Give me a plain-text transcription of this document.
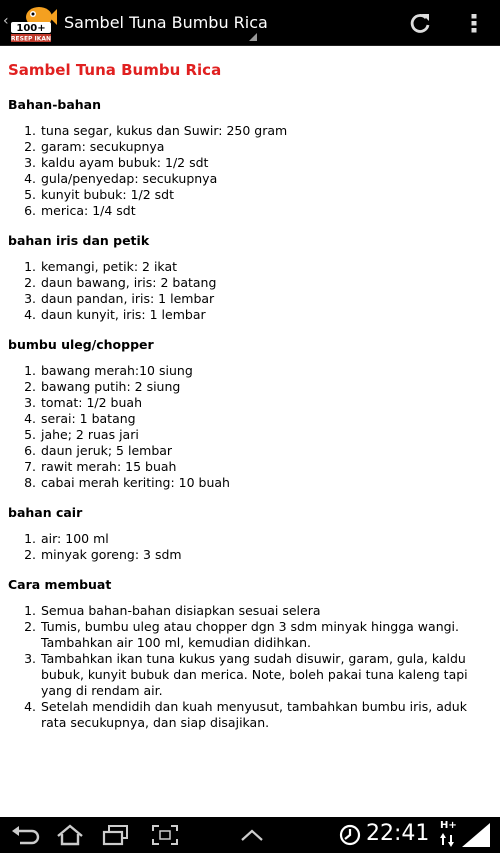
‹ 100+
RESEP IKAN
Sambel Tuna Bumbu Rica
Sambel Tuna Bumbu Rica
Bahan-bahan
1. tuna segar, kukus dan Suwir: 250 gram
2. garam: secukupnya
3. kaldu ayam bubuk: 1/2 sdt
4. gula/penyedap: secukupnya
5. kunyit bubuk: 1/2 sdt
6. merica: 1/4 sdt
bahan iris dan petik
1. kemangi, petik: 2 ikat
2. daun bawang, iris: 2 batang
3. daun pandan, iris: 1 lembar
4. daun kunyit, iris: 1 lembar
bumbu uleg/chopper
1. bawang merah:10 siung
2. bawang putih: 2 siung
3. tomat: 1/2 buah
4. serai: 1 batang
5. jahe; 2 ruas jari
6. daun jeruk; 5 lembar
7. rawit merah: 15 buah
8. cabai merah keriting: 10 buah
bahan cair
1. air: 100 ml
2. minyak goreng: 3 sdm
Cara membuat
1. Semua bahan-bahan disiapkan sesuai selera
2. Tumis, bumbu uleg atau chopper dgn 3 sdm minyak hingga wangi. Tambahkan air 100 ml, kemudian didihkan.
3. Tambahkan ikan tuna kukus yang sudah disuwir, garam, gula, kaldu bubuk, kunyit bubuk dan merica. Note, boleh pakai tuna kaleng tapi yang di rendam air.
4. Setelah mendidih dan kuah menyusut, tambahkan bumbu iris, aduk rata secukupnya, dan siap disajikan.
22:41 H+
